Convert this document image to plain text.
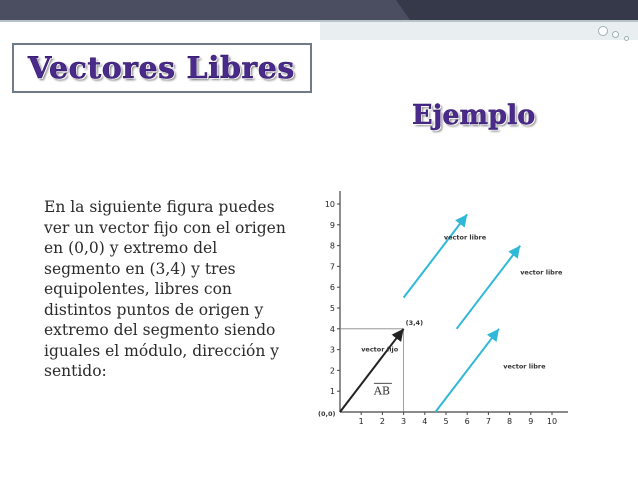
Vectores Libres
Ejemplo

En la siguiente figura puedes ver un vector fijo con el origen en (0,0) y extremo del segmento en (3,4) y tres equipolentes, libres con distintos puntos de origen y extremo del segmento siendo iguales el módulo, dirección y sentido:

1 2 3 4 5 6 7 8 9 10
1
2
3
4
5
6
7
8
9
10
(0,0)
(3,4)
vector fijo
AB
vector libre
vector libre
vector libre
